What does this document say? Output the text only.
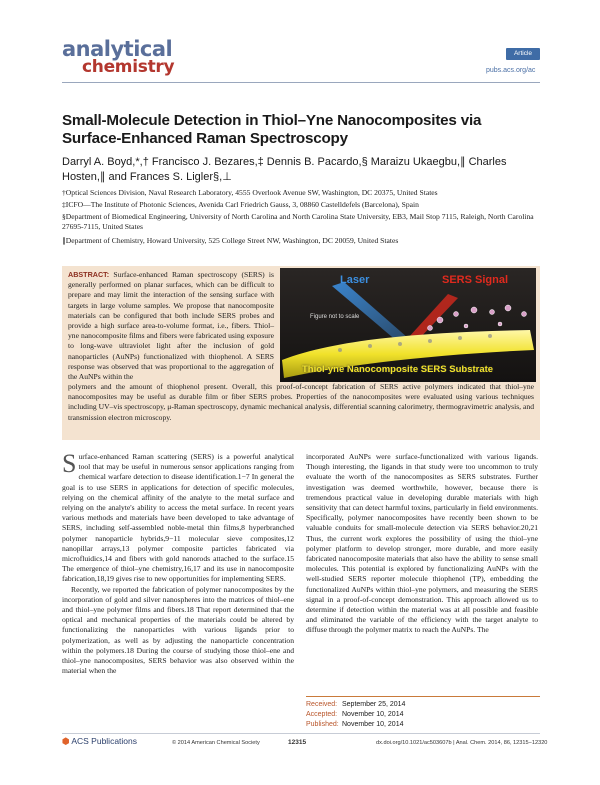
analytical
chemistry
Article
pubs.acs.org/ac
Small-Molecule Detection in Thiol–Yne Nanocomposites via Surface-Enhanced Raman Spectroscopy
Darryl A. Boyd,*,† Francisco J. Bezares,‡ Dennis B. Pacardo,§ Maraizu Ukaegbu,∥ Charles Hosten,∥ and Frances S. Ligler§,⊥
†Optical Sciences Division, Naval Research Laboratory, 4555 Overlook Avenue SW, Washington, DC 20375, United States
‡ICFO—The Institute of Photonic Sciences, Avenida Carl Friedrich Gauss, 3, 08860 Castelldefels (Barcelona), Spain
§Department of Biomedical Engineering, University of North Carolina and North Carolina State University, EB3, Mail Stop 7115, Raleigh, North Carolina 27695-7115, United States
∥Department of Chemistry, Howard University, 525 College Street NW, Washington, DC 20059, United States
ABSTRACT: Surface-enhanced Raman spectroscopy (SERS) is generally performed on planar surfaces, which can be difficult to prepare and may limit the interaction of the sensing surface with targets in large volume samples. We propose that nanocomposite materials can be configured that both include SERS probes and provide a high surface area-to-volume format, i.e., fibers. Thiol–yne nanocomposite films and fibers were fabricated using exposure to long-wave ultraviolet light after the inclusion of gold nanoparticles (AuNPs) functionalized with thiophenol. A SERS response was observed that was proportional to the aggregation of the AuNPs within the
polymers and the amount of thiophenol present. Overall, this proof-of-concept fabrication of SERS active polymers indicated that thiol–yne nanocomposites may be useful as durable film or fiber SERS probes. Properties of the nanocomposites were evaluated using various techniques including UV–vis spectroscopy, μ-Raman spectroscopy, dynamic mechanical analysis, differential scanning calorimetry, thermogravimetric analysis, and transmission electron microscopy.
Laser	SERS Signal
Figure not to scale
Thiol-yne Nanocomposite SERS Substrate

Surface-enhanced Raman scattering (SERS) is a powerful analytical tool that may be useful in numerous sensor applications ranging from chemical warfare detection to disease identification.1−7 In general the goal is to use SERS in applications for detection of specific molecules, relying on the chemical affinity of the analyte to the metal surface and relying on the analyte's ability to access the metal surface. In recent years various methods and materials have been developed to take advantage of SERS, including self-assembled noble-metal thin films,8 hyperbranched polymer nanoparticle hybrids,9−11 molecular sieve composites,12 nanopillar arrays,13 polymer composite particles fabricated via microfluidics,14 and fibers with gold nanorods attached to the surface.15 The emergence of thiol–yne chemistry,16,17 and its use in nanocomposite fabrication,18,19 gives rise to new opportunities for implementing SERS.

Recently, we reported the fabrication of polymer nanocomposites by the incorporation of gold and silver nanospheres into the matrices of thiol–ene and thiol–yne polymer films and fibers.18 That report determined that the optical and mechanical properties of the materials could be altered by functionalizing the nanoparticles with various ligands prior to polymerization, as well as by adjusting the nanoparticle concentration within the polymers.18 During the course of studying those thiol–ene and thiol–yne nanocomposites, SERS behavior was also observed within the material when the

incorporated AuNPs were surface-functionalized with various ligands. Though interesting, the ligands in that study were too uncommon to truly evaluate the worth of the nanocomposites as SERS substrates. Further investigation was deemed worthwhile, however, because there is tremendous practical value in developing durable materials with high sensitivity that can detect harmful toxins, particularly in field environments. Specifically, polymer nanocomposites have recently been shown to be valuable conduits for small-molecule detection via SERS behavior.20,21 Thus, the current work explores the possibility of using the thiol–yne polymer platform to develop stronger, more durable, and more easily fabricated nanocomposite materials that also have the ability to sense small molecules. This potential is explored by functionalizing AuNPs with the well-studied SERS reporter molecule thiophenol (TP), embedding the functionalized AuNPs within thiol–yne polymers, and measuring the SERS signal in a proof-of-concept demonstration. This approach allowed us to determine if detection within the material was at all possible and feasible and eliminated the variable of the efficiency with the target analyte to diffuse through the polymer matrix to reach the AuNPs. The

Received: September 25, 2014
Accepted: November 10, 2014
Published: November 10, 2014
⬢ ACS Publications	© 2014 American Chemical Society	12315	dx.doi.org/10.1021/ac503607b | Anal. Chem. 2014, 86, 12315−12320
